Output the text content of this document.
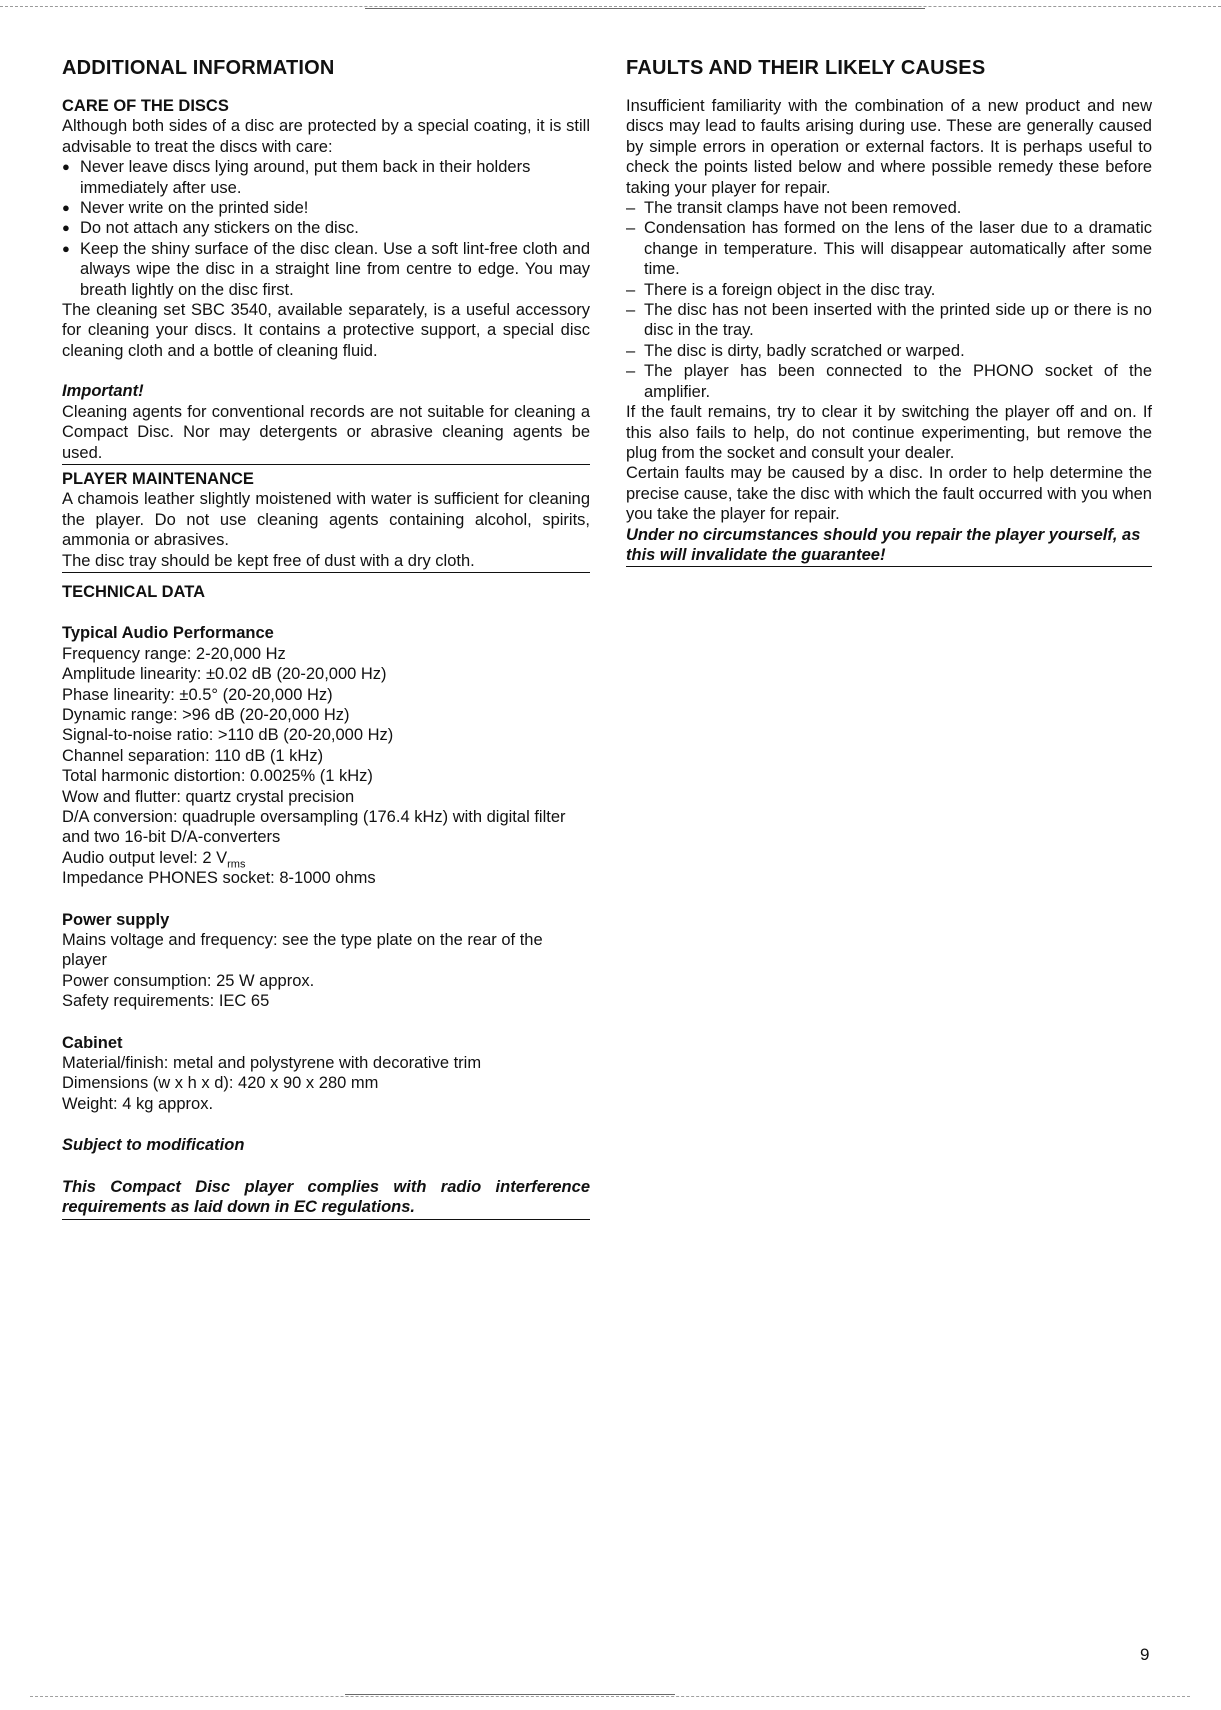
ADDITIONAL INFORMATION
CARE OF THE DISCS

Although both sides of a disc are protected by a special coating, it is still advisable to treat the discs with care:

● Never leave discs lying around, put them back in their holders immediately after use.
● Never write on the printed side!
● Do not attach any stickers on the disc.
● Keep the shiny surface of the disc clean. Use a soft lint-free cloth and always wipe the disc in a straight line from centre to edge. You may breath lightly on the disc first.

The cleaning set SBC 3540, available separately, is a useful accessory for cleaning your discs. It contains a protective support, a special disc cleaning cloth and a bottle of cleaning fluid.

Important!

Cleaning agents for conventional records are not suitable for cleaning a Compact Disc. Nor may detergents or abrasive cleaning agents be used.

PLAYER MAINTENANCE

A chamois leather slightly moistened with water is sufficient for cleaning the player. Do not use cleaning agents containing alcohol, spirits, ammonia or abrasives.

The disc tray should be kept free of dust with a dry cloth.

TECHNICAL DATA
Typical Audio Performance

Frequency range: 2-20,000 Hz

Amplitude linearity: ±0.02 dB (20-20,000 Hz)

Phase linearity: ±0.5° (20-20,000 Hz)

Dynamic range: >96 dB (20-20,000 Hz)

Signal-to-noise ratio: >110 dB (20-20,000 Hz)

Channel separation: 110 dB (1 kHz)

Total harmonic distortion: 0.0025% (1 kHz)

Wow and flutter: quartz crystal precision

D/A conversion: quadruple oversampling (176.4 kHz) with digital filter and two 16-bit D/A-converters

Audio output level: 2 $V_{rms}$

Impedance PHONES socket: 8-1000 ohms

Power supply

Mains voltage and frequency: see the type plate on the rear of the player

Power consumption: 25 W approx.

Safety requirements: IEC 65

Cabinet

Material/finish: metal and polystyrene with decorative trim

Dimensions (w x h x d): 420 x 90 x 280 mm

Weight: 4 kg approx.

Subject to modification

This Compact Disc player complies with radio interference requirements as laid down in EC regulations.

FAULTS AND THEIR LIKELY CAUSES

Insufficient familiarity with the combination of a new product and new discs may lead to faults arising during use. These are generally caused by simple errors in operation or external factors. It is perhaps useful to check the points listed below and where possible remedy these before taking your player for repair.

– The transit clamps have not been removed.
– Condensation has formed on the lens of the laser due to a dramatic change in temperature. This will disappear automatically after some time.
– There is a foreign object in the disc tray.
– The disc has not been inserted with the printed side up or there is no disc in the tray.
– The disc is dirty, badly scratched or warped.
– The player has been connected to the PHONO socket of the amplifier.

If the fault remains, try to clear it by switching the player off and on. If this also fails to help, do not continue experimenting, but remove the plug from the socket and consult your dealer.

Certain faults may be caused by a disc. In order to help determine the precise cause, take the disc with which the fault occurred with you when you take the player for repair.

Under no circumstances should you repair the player yourself, as this will invalidate the guarantee!

9
